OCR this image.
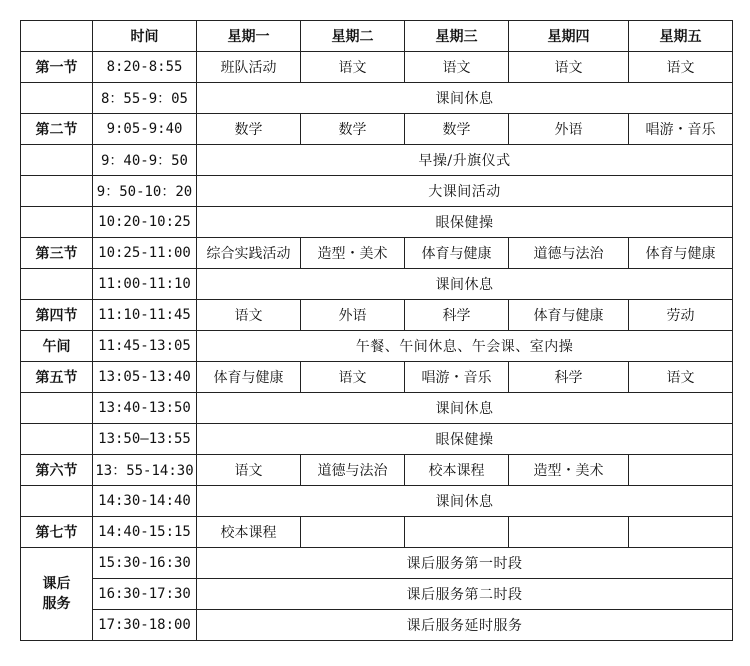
	时间	星期一	星期二	星期三	星期四	星期五
第一节	8:20-8:55	班队活动	语文	语文	语文	语文
	8：55-9：05	课间休息				
第二节	9:05-9:40	数学	数学	数学	外语	唱游・音乐
	9：40-9：50	早操/升旗仪式				
	9：50-10：20	大课间活动				
	10:20-10:25	眼保健操				
第三节	10:25-11:00	综合实践活动	造型・美术	体育与健康	道德与法治	体育与健康
	11:00-11:10	课间休息				
第四节	11:10-11:45	语文	外语	科学	体育与健康	劳动
午间	11:45-13:05	午餐、午间休息、午会课、室内操				
第五节	13:05-13:40	体育与健康	语文	唱游・音乐	科学	语文
	13:40-13:50	课间休息				
	13:50—13:55	眼保健操				
第六节	13：55-14:30	语文	道德与法治	校本课程	造型・美术	
	14:30-14:40	课间休息				
第七节	14:40-15:15	校本课程				
课后
服务	15:30-16:30	课后服务第一时段				
	16:30-17:30	课后服务第二时段				
	17:30-18:00	课后服务延时服务				
